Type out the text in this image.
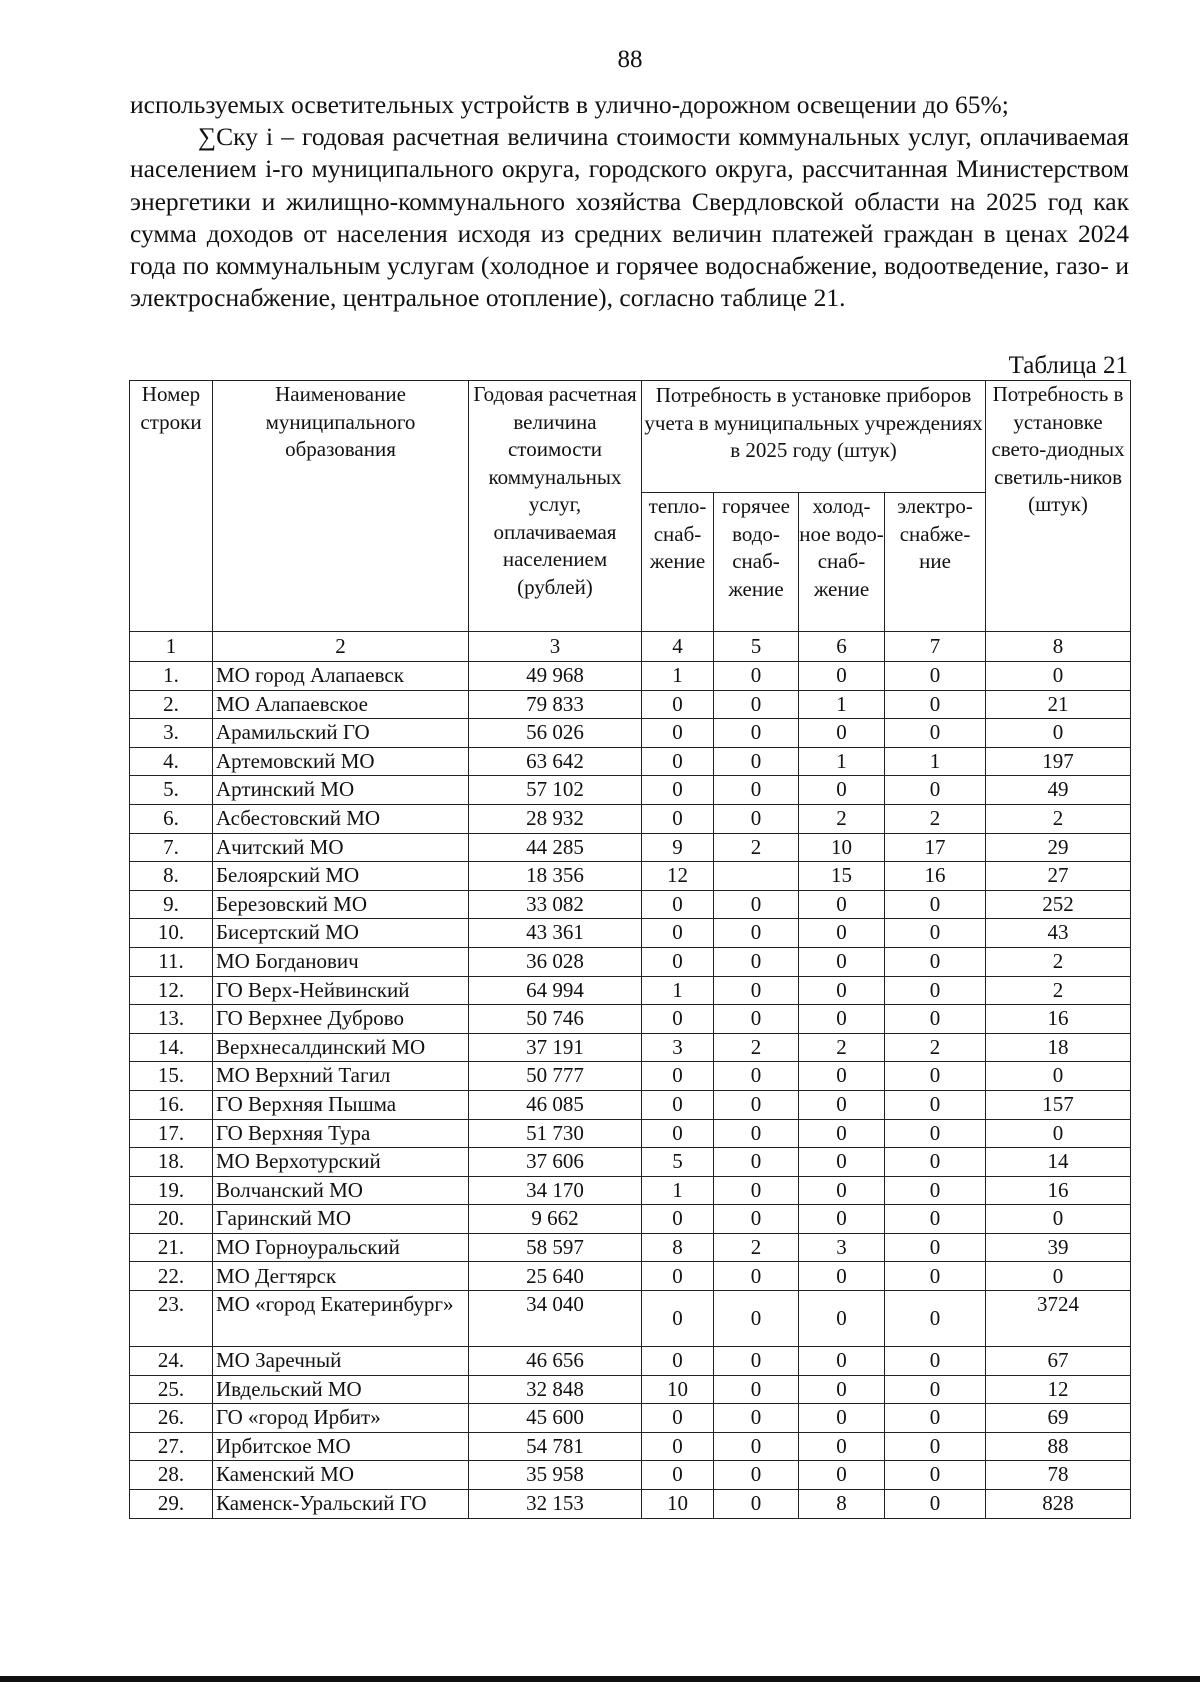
88

используемых осветительных устройств в улично-дорожном освещении до 65%;

∑Cку i – годовая расчетная величина стоимости коммунальных услуг, оплачиваемая населением i-го муниципального округа, городского округа, рассчитанная Министерством энергетики и жилищно-коммунального хозяйства Свердловской области на 2025 год как сумма доходов от населения исходя из средних величин платежей граждан в ценах 2024 года по коммунальным услугам (холодное и горячее водоснабжение, водоотведение, газо- и электроснабжение, центральное отопление), согласно таблице 21.

Таблица 21
Номер строки	Наименование муниципального образования	Годовая расчетная величина стоимости коммунальных услуг, оплачиваемая населением (рублей)	Потребность в установке приборов учета в муниципальных учреждениях в 2025 году (штук)				Потребность в установке свето-диодных светиль-ников (штук)
			тепло-снаб-жение	горячее водо-снаб-жение	холод-ное водо-снаб-жение	электро-снабже-ние	
1	2	3	4	5	6	7	8
1.	МО город Алапаевск	49 968	1	0	0	0	0
2.	МО Алапаевское	79 833	0	0	1	0	21
3.	Арамильский ГО	56 026	0	0	0	0	0
4.	Артемовский МО	63 642	0	0	1	1	197
5.	Артинский МО	57 102	0	0	0	0	49
6.	Асбестовский МО	28 932	0	0	2	2	2
7.	Ачитский МО	44 285	9	2	10	17	29
8.	Белоярский МО	18 356	12		15	16	27
9.	Березовский МО	33 082	0	0	0	0	252
10.	Бисертский МО	43 361	0	0	0	0	43
11.	МО Богданович	36 028	0	0	0	0	2
12.	ГО Верх-Нейвинский	64 994	1	0	0	0	2
13.	ГО Верхнее Дуброво	50 746	0	0	0	0	16
14.	Верхнесалдинский МО	37 191	3	2	2	2	18
15.	МО Верхний Тагил	50 777	0	0	0	0	0
16.	ГО Верхняя Пышма	46 085	0	0	0	0	157
17.	ГО Верхняя Тура	51 730	0	0	0	0	0
18.	МО Верхотурский	37 606	5	0	0	0	14
19.	Волчанский МО	34 170	1	0	0	0	16
20.	Гаринский МО	9 662	0	0	0	0	0
21.	МО Горноуральский	58 597	8	2	3	0	39
22.	МО Дегтярск	25 640	0	0	0	0	0
23.	МО «город Екатеринбург»	34 040	0	0	0	0	3724
24.	МО Заречный	46 656	0	0	0	0	67
25.	Ивдельский МО	32 848	10	0	0	0	12
26.	ГО «город Ирбит»	45 600	0	0	0	0	69
27.	Ирбитское МО	54 781	0	0	0	0	88
28.	Каменский МО	35 958	0	0	0	0	78
29.	Каменск-Уральский ГО	32 153	10	0	8	0	828
